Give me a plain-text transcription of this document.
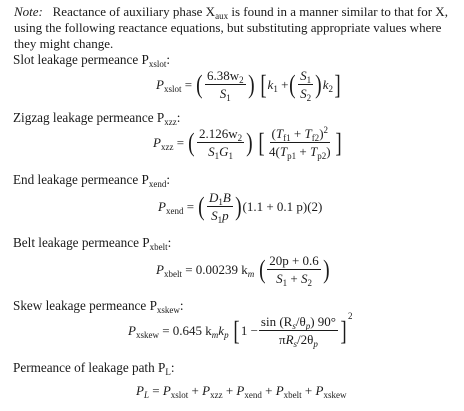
Note: Reactance of auxiliary phase $X_{aux}$ is found in a manner similar to that for X,
using the following reactance equations, but substituting appropriate values where
they might change.
Slot leakage permeance $P_{xslot}$:
$P_{xslot}$ = ( $\frac{6.38w_2}{S_1}$ ) [$k_1$ +( $\frac{S_1}{S_2} )k_2$]
Zigzag leakage permeance $P_{xzz}$:
$P_{xzz}$ = ( $\frac{2.126w_2}{S_1G_1}$ ) [ $\frac{(T_{f1} + T_{f2})^2}{4(T_{p1} + T_{p2})}$ ]
End leakage permeance $P_{xend}$:
$P_{xend}$ = ( $\frac{D_1B}{S_1p} )(1.1 + 0.1$ p)(2)
Belt leakage permeance $P_{xbelt}$:
$P_{xbelt} = 0.00239$ $k_m$ ( $\frac{20p + 0.6}{S_1 + S_2}$ )
Skew leakage permeance $P_{xskew}$:
$P_{xskew} = 0.645$ $k_mk_p$ $[1 - \frac{\sin (R_s/\theta_p) 90^\circ}{\pi R_s/2\theta_p} ]^2$
Permeance of leakage path $P_L$:
$P_L = P_{xslot} + P_{xzz} + P_{xend} + P_{xbelt} + P_{xskew}$
